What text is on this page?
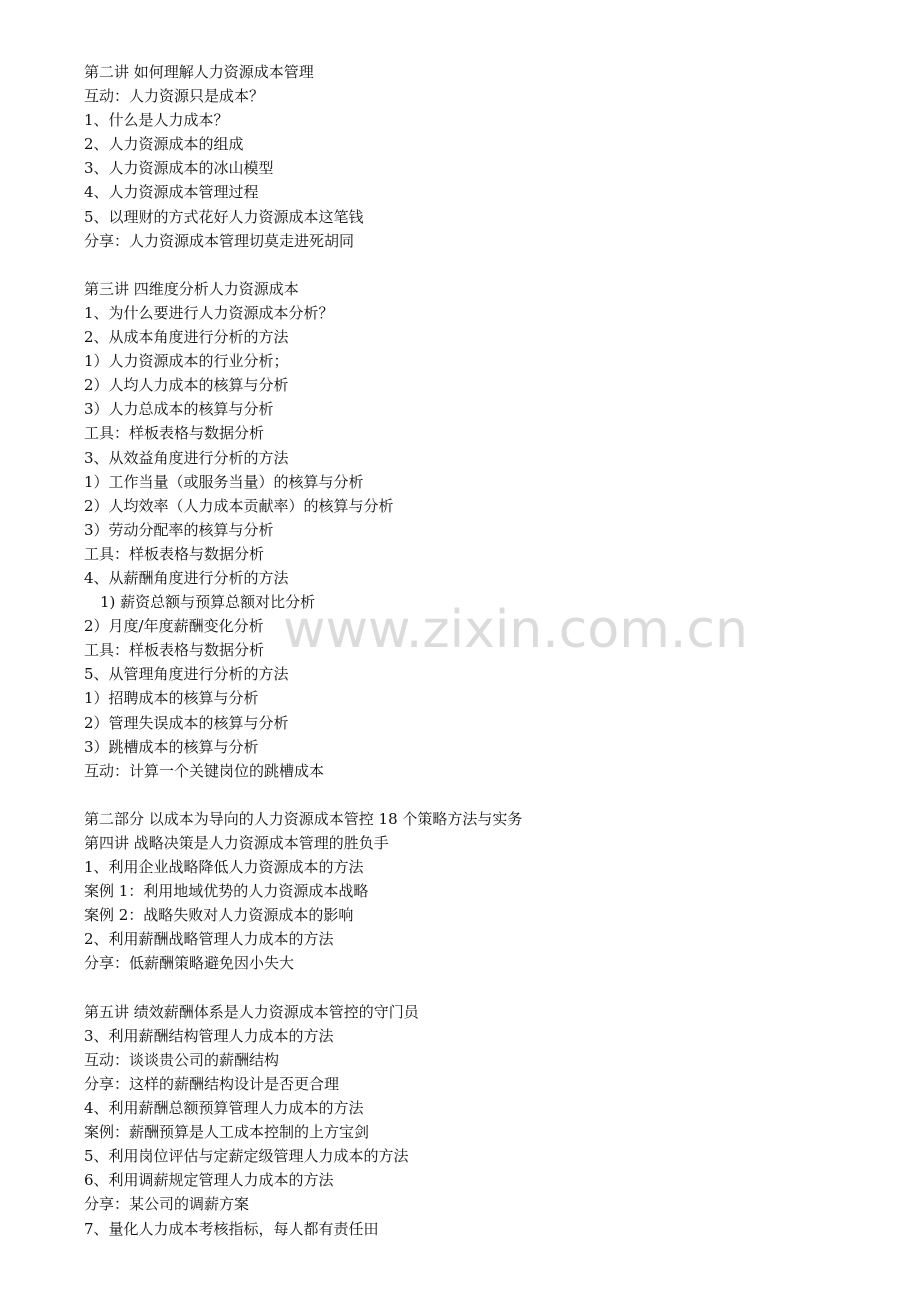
第二讲 如何理解人力资源成本管理
互动：人力资源只是成本？
1、什么是人力成本？
2、人力资源成本的组成
3、人力资源成本的冰山模型
4、人力资源成本管理过程
5、以理财的方式花好人力资源成本这笔钱
分享：人力资源成本管理切莫走进死胡同
第三讲 四维度分析人力资源成本
1、为什么要进行人力资源成本分析？
2、从成本角度进行分析的方法
1）人力资源成本的行业分析；
2）人均人力成本的核算与分析
3）人力总成本的核算与分析
工具：样板表格与数据分析
3、从效益角度进行分析的方法
1）工作当量（或服务当量）的核算与分析
2）人均效率（人力成本贡献率）的核算与分析
3）劳动分配率的核算与分析
工具：样板表格与数据分析
4、从薪酬角度进行分析的方法
1) 薪资总额与预算总额对比分析
2）月度/年度薪酬变化分析
工具：样板表格与数据分析
5、从管理角度进行分析的方法
1）招聘成本的核算与分析
2）管理失误成本的核算与分析
3）跳槽成本的核算与分析
互动：计算一个关键岗位的跳槽成本
第二部分 以成本为导向的人力资源成本管控 18 个策略方法与实务
第四讲 战略决策是人力资源成本管理的胜负手
1、利用企业战略降低人力资源成本的方法
案例 1：利用地域优势的人力资源成本战略
案例 2：战略失败对人力资源成本的影响
2、利用薪酬战略管理人力成本的方法
分享：低薪酬策略避免因小失大
第五讲 绩效薪酬体系是人力资源成本管控的守门员
3、利用薪酬结构管理人力成本的方法
互动：谈谈贵公司的薪酬结构
分享：这样的薪酬结构设计是否更合理
4、利用薪酬总额预算管理人力成本的方法
案例：薪酬预算是人工成本控制的上方宝剑
5、利用岗位评估与定薪定级管理人力成本的方法
6、利用调薪规定管理人力成本的方法
分享：某公司的调薪方案
7、量化人力成本考核指标，每人都有责任田
www.zixin.com.cn
